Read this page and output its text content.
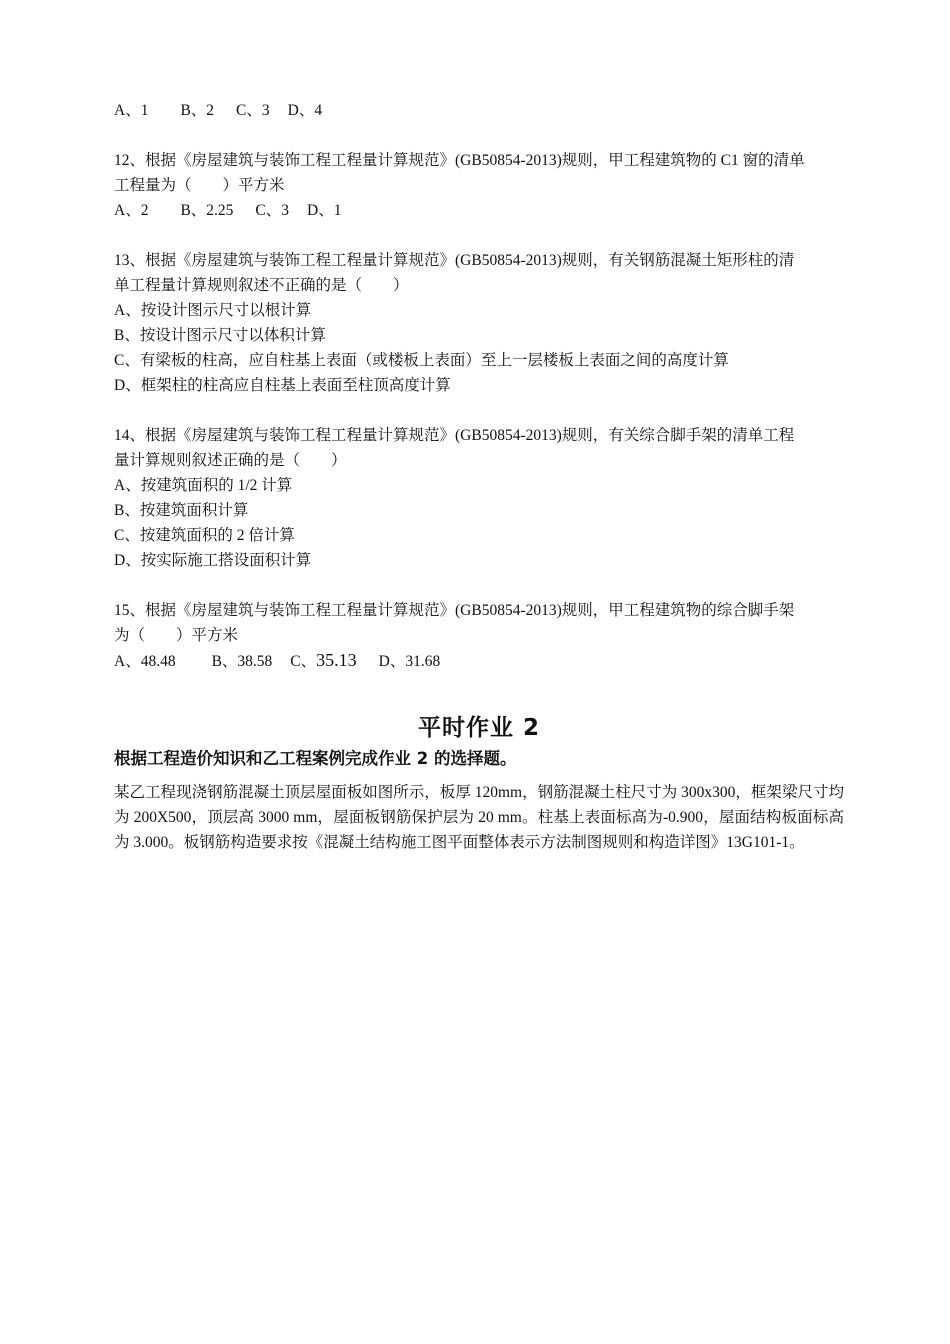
A、1 B、2 C、3 D、4
12、根据《房屋建筑与装饰工程工程量计算规范》(GB50854-2013)规则，甲工程建筑物的 C1 窗的清单
工程量为（　　）平方米
A、2 B、2.25 C、3 D、1
13、根据《房屋建筑与装饰工程工程量计算规范》(GB50854-2013)规则，有关钢筋混凝土矩形柱的清
单工程量计算规则叙述不正确的是（　　）
A、按设计图示尺寸以根计算
B、按设计图示尺寸以体积计算
C、有梁板的柱高，应自柱基上表面（或楼板上表面）至上一层楼板上表面之间的高度计算
D、框架柱的柱高应自柱基上表面至柱顶高度计算
14、根据《房屋建筑与装饰工程工程量计算规范》(GB50854-2013)规则，有关综合脚手架的清单工程
量计算规则叙述正确的是（　　）
A、按建筑面积的 1/2 计算
B、按建筑面积计算
C、按建筑面积的 2 倍计算
D、按实际施工搭设面积计算
15、根据《房屋建筑与装饰工程工程量计算规范》(GB50854-2013)规则，甲工程建筑物的综合脚手架
为（　　）平方米
A、48.48 B、38.58 C、35.13 D、31.68
平时作业 2
根据工程造价知识和乙工程案例完成作业 2 的选择题。
某乙工程现浇钢筋混凝土顶层屋面板如图所示，板厚 120mm，钢筋混凝土柱尺寸为 300x300，框架梁尺寸均为 200X500，顶层高 3000 mm，屋面板钢筋保护层为 20 mm。柱基上表面标高为-0.900，屋面结构板面标高为 3.000。板钢筋构造要求按《混凝土结构施工图平面整体表示方法制图规则和构造详图》13G101-1。
